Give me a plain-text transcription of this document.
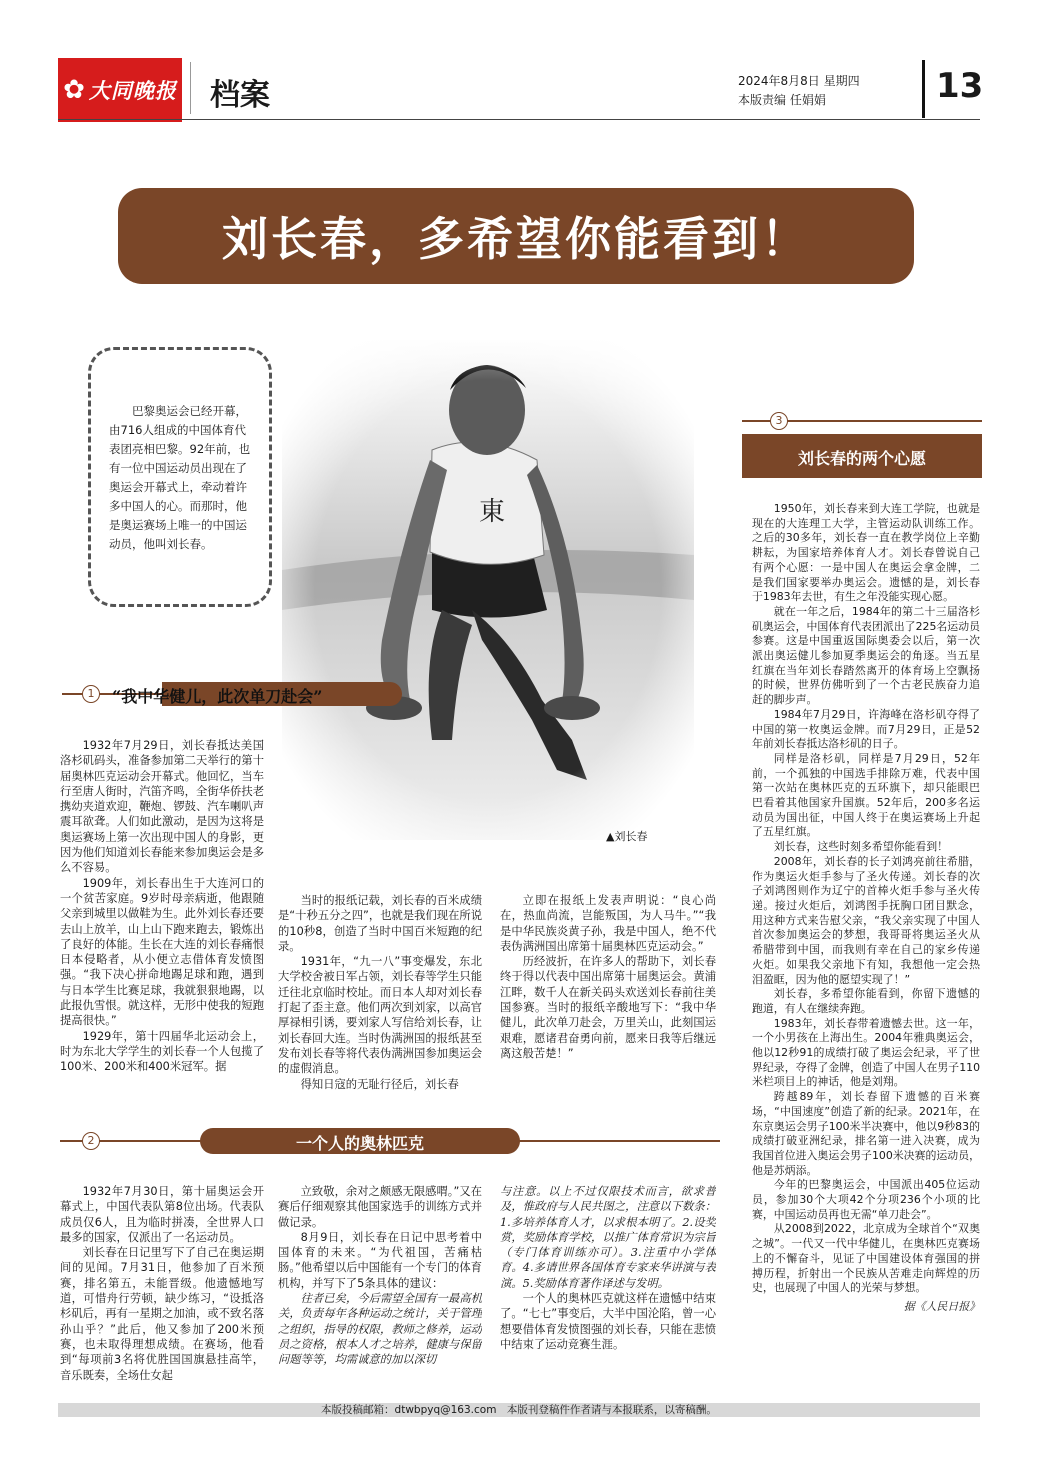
✿ 大同晚报 档案	2024年8月8日 星期四
本版责编 任娟娟	13
刘长春，多希望你能看到！
巴黎奥运会已经开幕，由716人组成的中国体育代表团亮相巴黎。92年前，也有一位中国运动员出现在了奥运会开幕式上，牵动着许多中国人的心。而那时，他是奥运赛场上唯一的中国运动员，他叫刘长春。
▲刘长春
1	“我中华健儿，此次单刀赴会”

1932年7月29日，刘长春抵达美国洛杉矶码头，准备参加第二天举行的第十届奥林匹克运动会开幕式。他回忆，当车行至唐人街时，汽笛齐鸣，全街华侨扶老携幼夹道欢迎，鞭炮、锣鼓、汽车喇叭声震耳欲聋。人们如此激动，是因为这将是奥运赛场上第一次出现中国人的身影，更因为他们知道刘长春能来参加奥运会是多么不容易。

1909年，刘长春出生于大连河口的一个贫苦家庭。9岁时母亲病逝，他跟随父亲到城里以做鞋为生。此外刘长春还要去山上放羊，山上山下跑来跑去，锻炼出了良好的体能。生长在大连的刘长春痛恨日本侵略者，从小便立志借体育发愤图强。“我下决心拼命地踢足球和跑，遇到与日本学生比赛足球，我就狠狠地踢，以此报仇雪恨。就这样，无形中使我的短跑提高很快。”

1929年，第十四届华北运动会上，时为东北大学学生的刘长春一个人包揽了100米、200米和400米冠军。据

当时的报纸记载，刘长春的百米成绩是“十秒五分之四”，也就是我们现在所说的10秒8，创造了当时中国百米短跑的纪录。

1931年，“九一八”事变爆发，东北大学校舍被日军占领，刘长春等学生只能迁往北京临时校址。而日本人却对刘长春打起了歪主意。他们两次到刘家，以高官厚禄相引诱，要刘家人写信给刘长春，让刘长春回大连。当时伪满洲国的报纸甚至发布刘长春等将代表伪满洲国参加奥运会的虚假消息。

得知日寇的无耻行径后，刘长春

立即在报纸上发表声明说：“良心尚在，热血尚流，岂能叛国，为人马牛。”“我是中华民族炎黄子孙，我是中国人，绝不代表伪满洲国出席第十届奥林匹克运动会。”

历经波折，在许多人的帮助下，刘长春终于得以代表中国出席第十届奥运会。黄浦江畔，数千人在新关码头欢送刘长春前往美国参赛。当时的报纸辛酸地写下：“我中华健儿，此次单刀赴会，万里关山，此刻国运艰难，愿诸君奋勇向前，愿来日我等后继远离这般苦楚！”

2	一个人的奥林匹克

1932年7月30日，第十届奥运会开幕式上，中国代表队第8位出场。代表队成员仅6人，且为临时拼凑，全世界人口最多的国家，仅派出了一名运动员。

刘长春在日记里写下了自己在奥运期间的见闻。7月31日，他参加了百米预赛，排名第五，未能晋级。他遗憾地写道，可惜舟行劳顿，缺少练习，“设抵洛杉矶后，再有一星期之加油，或不致名落孙山乎？”此后，他又参加了200米预赛，也未取得理想成绩。在赛场，他看到“每项前3名将优胜国国旗悬挂高竿，音乐既奏，全场仕女起

立致敬，余对之颇感无限感喟。”又在赛后仔细观察其他国家选手的训练方式并做记录。

8月9日，刘长春在日记中思考着中国体育的未来。“为代祖国，苦痛枯肠。”他希望以后中国能有一个专门的体育机构，并写下了5条具体的建议：

往者已矣，今后需望全国有一最高机关，负责每年各种运动之统计，关于管理之组织，指导的权限，教师之修养，运动员之资格，根本人才之培养，健康与保留问题等等，均需诚意的加以深切

与注意。以上不过仅限技术而言，欲求普及，惟政府与人民共图之，注意以下数条：1.多培养体育人才，以求根本明了。2.设奖赏，奖励体育学校，以推广体育常识为宗旨（专门体育训练亦可）。3.注重中小学体育。4.多请世界各国体育专家来华讲演与表演。5.奖励体育著作译述与发明。

一个人的奥林匹克就这样在遗憾中结束了。“七七”事变后，大半中国沦陷，曾一心想要借体育发愤图强的刘长春，只能在悲愤中结束了运动竞赛生涯。

3
刘长春的两个心愿

1950年，刘长春来到大连工学院，也就是现在的大连理工大学，主管运动队训练工作。之后的30多年，刘长春一直在教学岗位上辛勤耕耘，为国家培养体育人才。刘长春曾说自己有两个心愿：一是中国人在奥运会拿金牌，二是我们国家要举办奥运会。遗憾的是，刘长春于1983年去世，有生之年没能实现心愿。

就在一年之后，1984年的第二十三届洛杉矶奥运会，中国体育代表团派出了225名运动员参赛。这是中国重返国际奥委会以后，第一次派出奥运健儿参加夏季奥运会的角逐。当五星红旗在当年刘长春踏然离开的体育场上空飘扬的时候，世界仿佛听到了一个古老民族奋力追赶的脚步声。

1984年7月29日，许海峰在洛杉矶夺得了中国的第一枚奥运金牌。而7月29日，正是52年前刘长春抵达洛杉矶的日子。

同样是洛杉矶，同样是7月29日，52年前，一个孤独的中国选手排除万难，代表中国第一次站在奥林匹克的五环旗下，却只能眼巴巴看着其他国家升国旗。52年后，200多名运动员为国出征，中国人终于在奥运赛场上升起了五星红旗。

刘长春，这些时刻多希望你能看到！

2008年，刘长春的长子刘鸿亮前往希腊，作为奥运火炬手参与了圣火传递。刘长春的次子刘鸿图则作为辽宁的首棒火炬手参与圣火传递。接过火炬后，刘鸿图手抚胸口团目默念，用这种方式来告慰父亲，“我父亲实现了中国人首次参加奥运会的梦想，我哥哥将奥运圣火从希腊带到中国，而我则有幸在自己的家乡传递火炬。如果我父亲地下有知，我想他一定会热泪盈眶，因为他的愿望实现了！”

刘长春，多希望你能看到，你留下遗憾的跑道，有人在继续奔跑。

1983年，刘长春带着遗憾去世。这一年，一个小男孩在上海出生。2004年雅典奥运会，他以12秒91的成绩打破了奥运会纪录，平了世界纪录，夺得了金牌，创造了中国人在男子110米栏项目上的神话，他是刘翔。

跨越89年，刘长春留下遗憾的百米赛场，“中国速度”创造了新的纪录。2021年，在东京奥运会男子100米半决赛中，他以9秒83的成绩打破亚洲纪录，排名第一进入决赛，成为我国首位进入奥运会男子100米决赛的运动员，他是苏炳添。

今年的巴黎奥运会，中国派出405位运动员，参加30个大项42个分项236个小项的比赛，中国运动员再也无需“单刀赴会”。

从2008到2022，北京成为全球首个“双奥之城”。一代又一代中华健儿，在奥林匹克赛场上的不懈奋斗，见证了中国建设体育强国的拼搏历程，折射出一个民族从苦难走向辉煌的历史，也展现了中国人的光荣与梦想。

据《人民日报》

本版投稿邮箱：dtwbpyq@163.com　本版刊登稿件作者请与本报联系，以寄稿酬。
